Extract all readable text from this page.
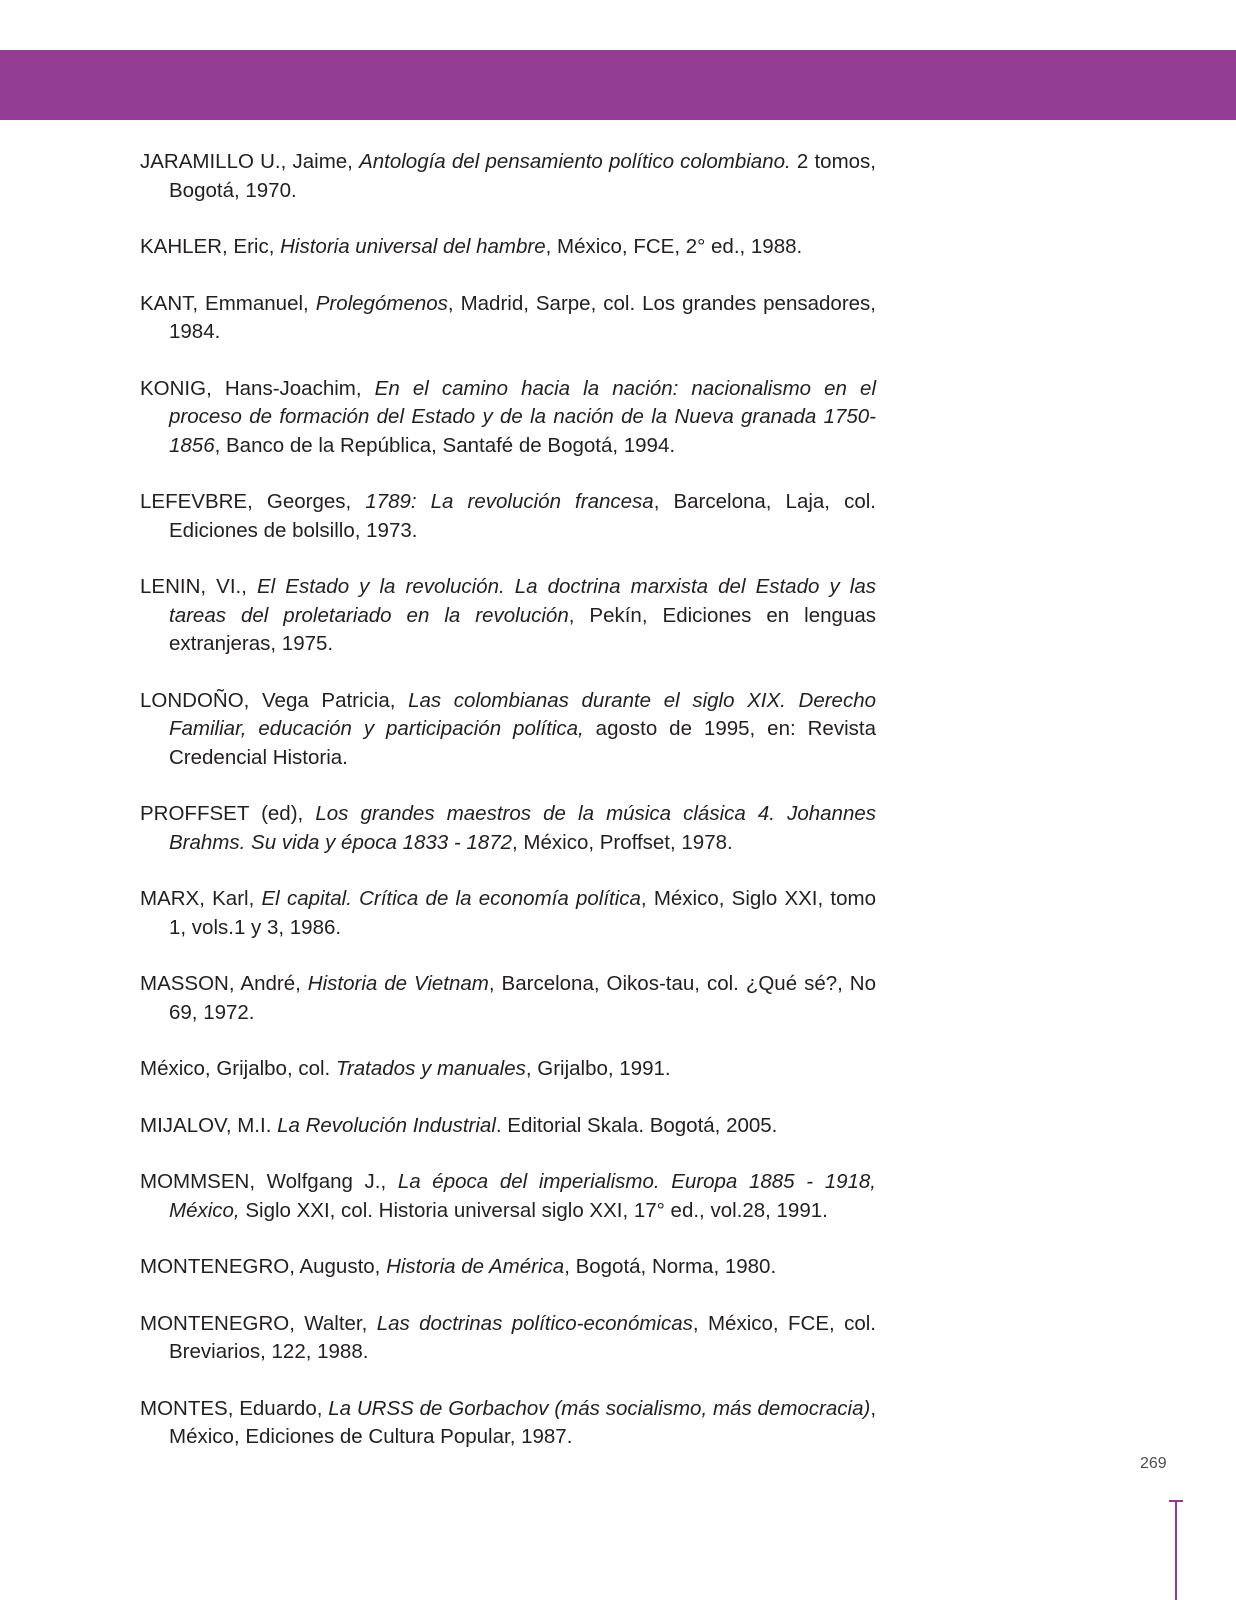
JARAMILLO U., Jaime, Antología del pensamiento político colombiano. 2 tomos, Bogotá, 1970.

KAHLER, Eric, Historia universal del hambre, México, FCE, 2° ed., 1988.

KANT, Emmanuel, Prolegómenos, Madrid, Sarpe, col. Los grandes pensadores, 1984.

KONIG, Hans-Joachim, En el camino hacia la nación: nacionalismo en el proceso de formación del Estado y de la nación de la Nueva granada 1750-1856, Banco de la República, Santafé de Bogotá, 1994.

LEFEVBRE, Georges, 1789: La revolución francesa, Barcelona, Laja, col. Ediciones de bolsillo, 1973.

LENIN, VI., El Estado y la revolución. La doctrina marxista del Estado y las tareas del proletariado en la revolución, Pekín, Ediciones en lenguas extranjeras, 1975.

LONDOÑO, Vega Patricia, Las colombianas durante el siglo XIX. Derecho Familiar, educación y participación política, agosto de 1995, en: Revista Credencial Historia.

PROFFSET (ed), Los grandes maestros de la música clásica 4. Johannes Brahms. Su vida y época 1833 - 1872, México, Proffset, 1978.

MARX, Karl, El capital. Crítica de la economía política, México, Siglo XXI, tomo 1, vols.1 y 3, 1986.

MASSON, André, Historia de Vietnam, Barcelona, Oikos-tau, col. ¿Qué sé?, No 69, 1972.

México, Grijalbo, col. Tratados y manuales, Grijalbo, 1991.

MIJALOV, M.I. La Revolución Industrial. Editorial Skala. Bogotá, 2005.

MOMMSEN, Wolfgang J., La época del imperialismo. Europa 1885 - 1918, México, Siglo XXI, col. Historia universal siglo XXI, 17° ed., vol.28, 1991.

MONTENEGRO, Augusto, Historia de América, Bogotá, Norma, 1980.

MONTENEGRO, Walter, Las doctrinas político-económicas, México, FCE, col. Breviarios, 122, 1988.

MONTES, Eduardo, La URSS de Gorbachov (más socialismo, más democracia), México, Ediciones de Cultura Popular, 1987.

269
